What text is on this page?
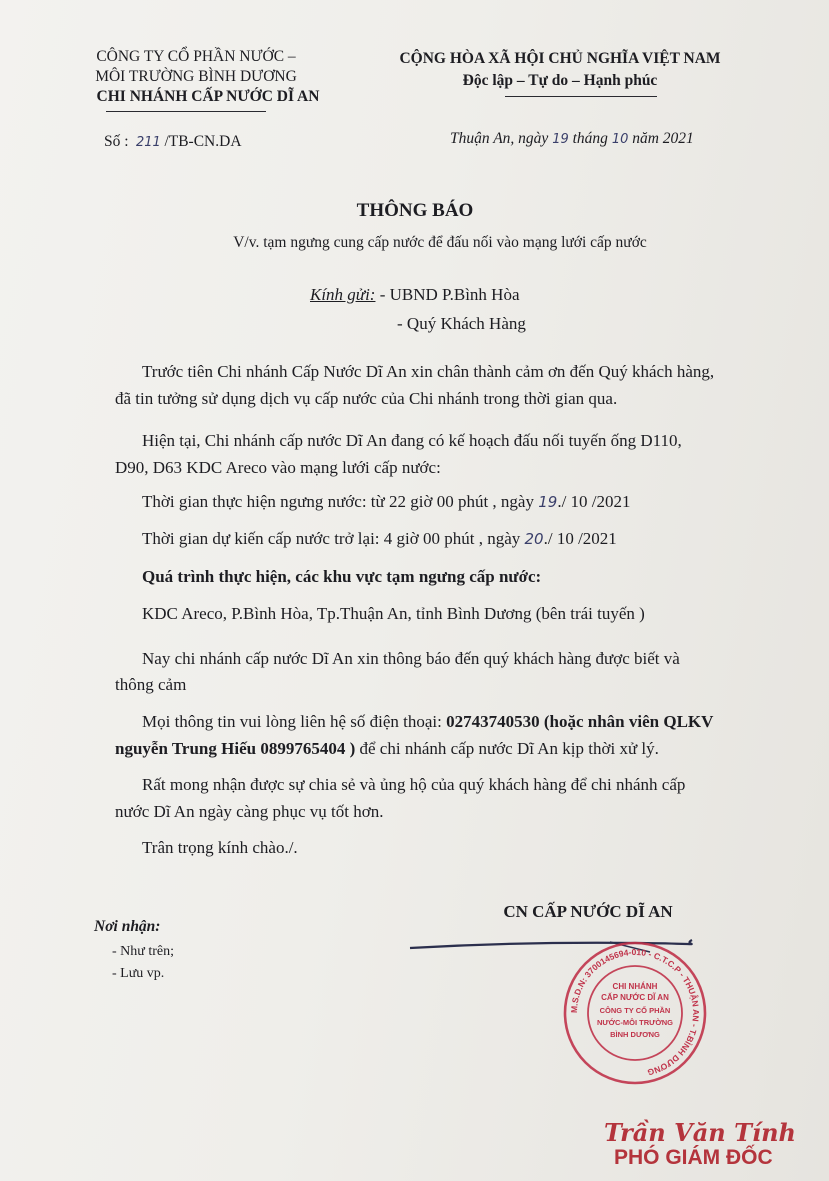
CÔNG TY CỔ PHẦN NƯỚC –
MÔI TRƯỜNG BÌNH DƯƠNG
CHI NHÁNH CẤP NƯỚC DĨ AN
CỘNG HÒA XÃ HỘI CHỦ NGHĨA VIỆT NAM
Độc lập – Tự do – Hạnh phúc
Số : 211 /TB-CN.DA	Thuận An, ngày 19 tháng 10 năm 2021
THÔNG BÁO
V/v. tạm ngưng cung cấp nước để đấu nối vào mạng lưới cấp nước
Kính gửi: - UBND P.Bình Hòa
- Quý Khách Hàng
Trước tiên Chi nhánh Cấp Nước Dĩ An xin chân thành cảm ơn đến Quý khách hàng,
đã tin tưởng sử dụng dịch vụ cấp nước của Chi nhánh trong thời gian qua.
Hiện tại, Chi nhánh cấp nước Dĩ An đang có kế hoạch đấu nối tuyến ống D110,
D90, D63 KDC Areco vào mạng lưới cấp nước:
Thời gian thực hiện ngưng nước: từ 22 giờ 00 phút , ngày 19./ 10 /2021
Thời gian dự kiến cấp nước trở lại: 4 giờ 00 phút , ngày 20./ 10 /2021
Quá trình thực hiện, các khu vực tạm ngưng cấp nước:
KDC Areco, P.Bình Hòa, Tp.Thuận An, tỉnh Bình Dương (bên trái tuyến )
Nay chi nhánh cấp nước Dĩ An xin thông báo đến quý khách hàng được biết và
thông cảm
Mọi thông tin vui lòng liên hệ số điện thoại: 02743740530 (hoặc nhân viên QLKV
nguyễn Trung Hiếu 0899765404 ) để chi nhánh cấp nước Dĩ An kịp thời xử lý.
Rất mong nhận được sự chia sẻ và ủng hộ của quý khách hàng để chi nhánh cấp
nước Dĩ An ngày càng phục vụ tốt hơn.
Trân trọng kính chào./.
Nơi nhận:
- Như trên;
- Lưu vp.
CN CẤP NƯỚC DĨ AN
M.S.D.N: 3700145694-010 - C.T.C.P - THUẬN AN - T.BÌNH DƯƠNG
CHI NHÁNH
CẤP NƯỚC DĨ AN
CÔNG TY CỔ PHẦN
NƯỚC-MÔI TRƯỜNG
BÌNH DƯƠNG
Trần Văn Tính
PHÓ GIÁM ĐỐC
